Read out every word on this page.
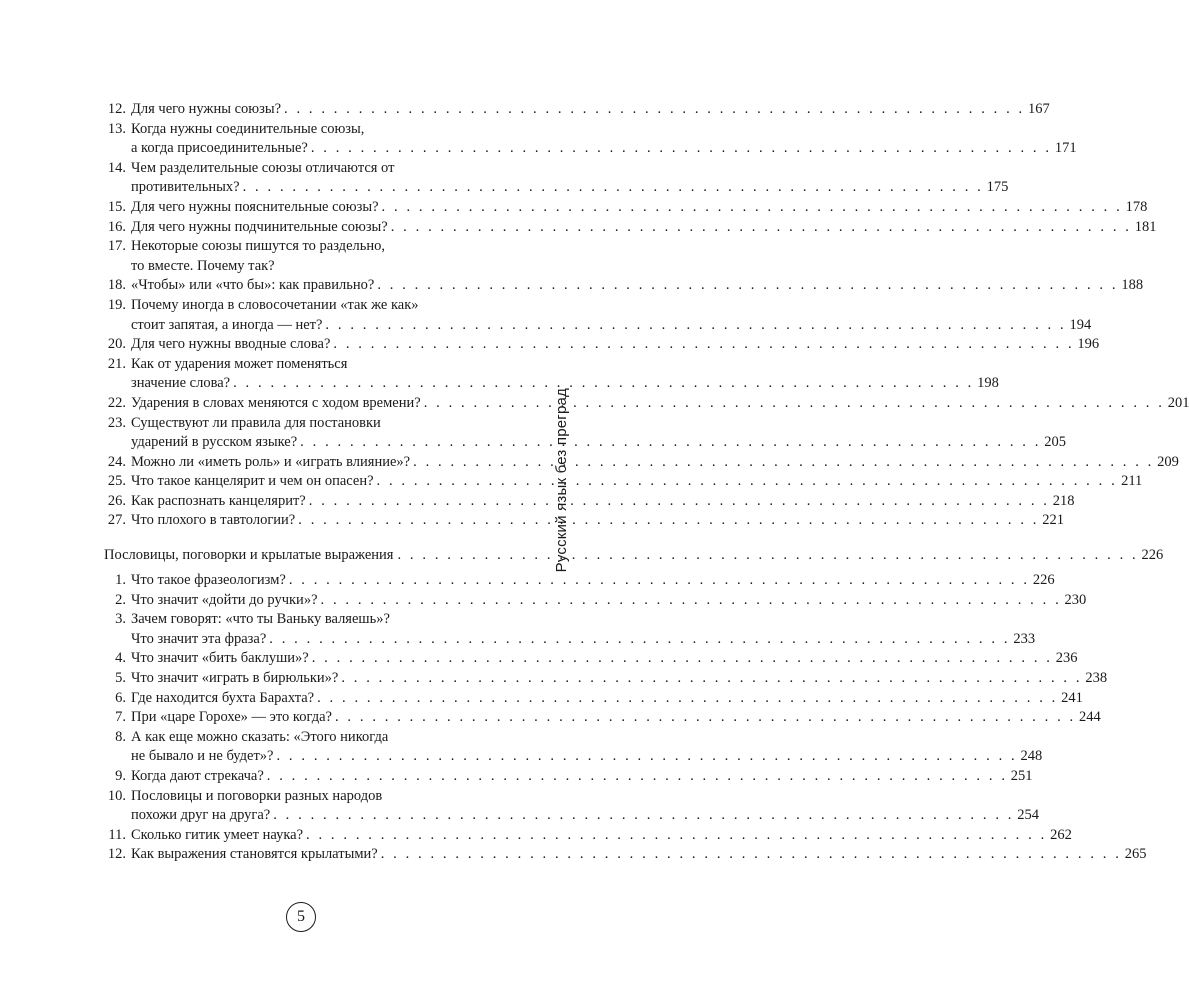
12. Для чего нужны союзы? . . . . . . . . . . . . . . . . . . . . . . . . . . . . . . . . . . . . . . . . . . . . . . . . . . . . . . . . . . . . 167
13. Когда нужны соединительные союзы,
а когда присоединительные? . . . . . . . . . . . . . . . . . . . . . . . . . . . . . . . . . . . . . . . . . . . . . . . . . . . . . . . . . . . . 171
14. Чем разделительные союзы отличаются от
противительных? . . . . . . . . . . . . . . . . . . . . . . . . . . . . . . . . . . . . . . . . . . . . . . . . . . . . . . . . . . . . 175
15. Для чего нужны пояснительные союзы? . . . . . . . . . . . . . . . . . . . . . . . . . . . . . . . . . . . . . . . . . . . . . . . . . . . . . . . . . . . . 178
16. Для чего нужны подчинительные союзы? . . . . . . . . . . . . . . . . . . . . . . . . . . . . . . . . . . . . . . . . . . . . . . . . . . . . . . . . . . . . 181
17. Некоторые союзы пишутся то раздельно,
то вместе. Почему так?
18. «Чтобы» или «что бы»: как правильно? . . . . . . . . . . . . . . . . . . . . . . . . . . . . . . . . . . . . . . . . . . . . . . . . . . . . . . . . . . . . 188
19. Почему иногда в словосочетании «так же как»
стоит запятая, а иногда — нет? . . . . . . . . . . . . . . . . . . . . . . . . . . . . . . . . . . . . . . . . . . . . . . . . . . . . . . . . . . . . 194
20. Для чего нужны вводные слова? . . . . . . . . . . . . . . . . . . . . . . . . . . . . . . . . . . . . . . . . . . . . . . . . . . . . . . . . . . . . 196
21. Как от ударения может поменяться
значение слова? . . . . . . . . . . . . . . . . . . . . . . . . . . . . . . . . . . . . . . . . . . . . . . . . . . . . . . . . . . . . 198
22. Ударения в словах меняются с ходом времени? . . . . . . . . . . . . . . . . . . . . . . . . . . . . . . . . . . . . . . . . . . . . . . . . . . . . . . . . . . . . 201
23. Существуют ли правила для постановки
ударений в русском языке? . . . . . . . . . . . . . . . . . . . . . . . . . . . . . . . . . . . . . . . . . . . . . . . . . . . . . . . . . . . . 205
24. Можно ли «иметь роль» и «играть влияние»? . . . . . . . . . . . . . . . . . . . . . . . . . . . . . . . . . . . . . . . . . . . . . . . . . . . . . . . . . . . . 209
25. Что такое канцелярит и чем он опасен? . . . . . . . . . . . . . . . . . . . . . . . . . . . . . . . . . . . . . . . . . . . . . . . . . . . . . . . . . . . . 211
26. Как распознать канцелярит? . . . . . . . . . . . . . . . . . . . . . . . . . . . . . . . . . . . . . . . . . . . . . . . . . . . . . . . . . . . . 218
27. Что плохого в тавтологии? . . . . . . . . . . . . . . . . . . . . . . . . . . . . . . . . . . . . . . . . . . . . . . . . . . . . . . . . . . . . 221
Пословицы, поговорки и крылатые выражения . . . . . . . . . . . . . . . . . . . . . . . . . . . . . . . . . . . . . . . . . . . . . . . . . . . . . . . . . . . . 226
1. Что такое фразеологизм? . . . . . . . . . . . . . . . . . . . . . . . . . . . . . . . . . . . . . . . . . . . . . . . . . . . . . . . . . . . . 226
2. Что значит «дойти до ручки»? . . . . . . . . . . . . . . . . . . . . . . . . . . . . . . . . . . . . . . . . . . . . . . . . . . . . . . . . . . . . 230
3. Зачем говорят: «что ты Ваньку валяешь»?
Что значит эта фраза? . . . . . . . . . . . . . . . . . . . . . . . . . . . . . . . . . . . . . . . . . . . . . . . . . . . . . . . . . . . . 233
4. Что значит «бить баклуши»? . . . . . . . . . . . . . . . . . . . . . . . . . . . . . . . . . . . . . . . . . . . . . . . . . . . . . . . . . . . . 236
5. Что значит «играть в бирюльки»? . . . . . . . . . . . . . . . . . . . . . . . . . . . . . . . . . . . . . . . . . . . . . . . . . . . . . . . . . . . . 238
6. Где находится бухта Барахта? . . . . . . . . . . . . . . . . . . . . . . . . . . . . . . . . . . . . . . . . . . . . . . . . . . . . . . . . . . . . 241
7. При «царе Горохе» — это когда? . . . . . . . . . . . . . . . . . . . . . . . . . . . . . . . . . . . . . . . . . . . . . . . . . . . . . . . . . . . . 244
8. А как еще можно сказать: «Этого никогда
не бывало и не будет»? . . . . . . . . . . . . . . . . . . . . . . . . . . . . . . . . . . . . . . . . . . . . . . . . . . . . . . . . . . . . 248
9. Когда дают стрекача? . . . . . . . . . . . . . . . . . . . . . . . . . . . . . . . . . . . . . . . . . . . . . . . . . . . . . . . . . . . . 251
10. Пословицы и поговорки разных народов
похожи друг на друга? . . . . . . . . . . . . . . . . . . . . . . . . . . . . . . . . . . . . . . . . . . . . . . . . . . . . . . . . . . . . 254
11. Сколько гитик умеет наука? . . . . . . . . . . . . . . . . . . . . . . . . . . . . . . . . . . . . . . . . . . . . . . . . . . . . . . . . . . . . 262
12. Как выражения становятся крылатыми? . . . . . . . . . . . . . . . . . . . . . . . . . . . . . . . . . . . . . . . . . . . . . . . . . . . . . . . . . . . . 265
Русский язык без преград
5
